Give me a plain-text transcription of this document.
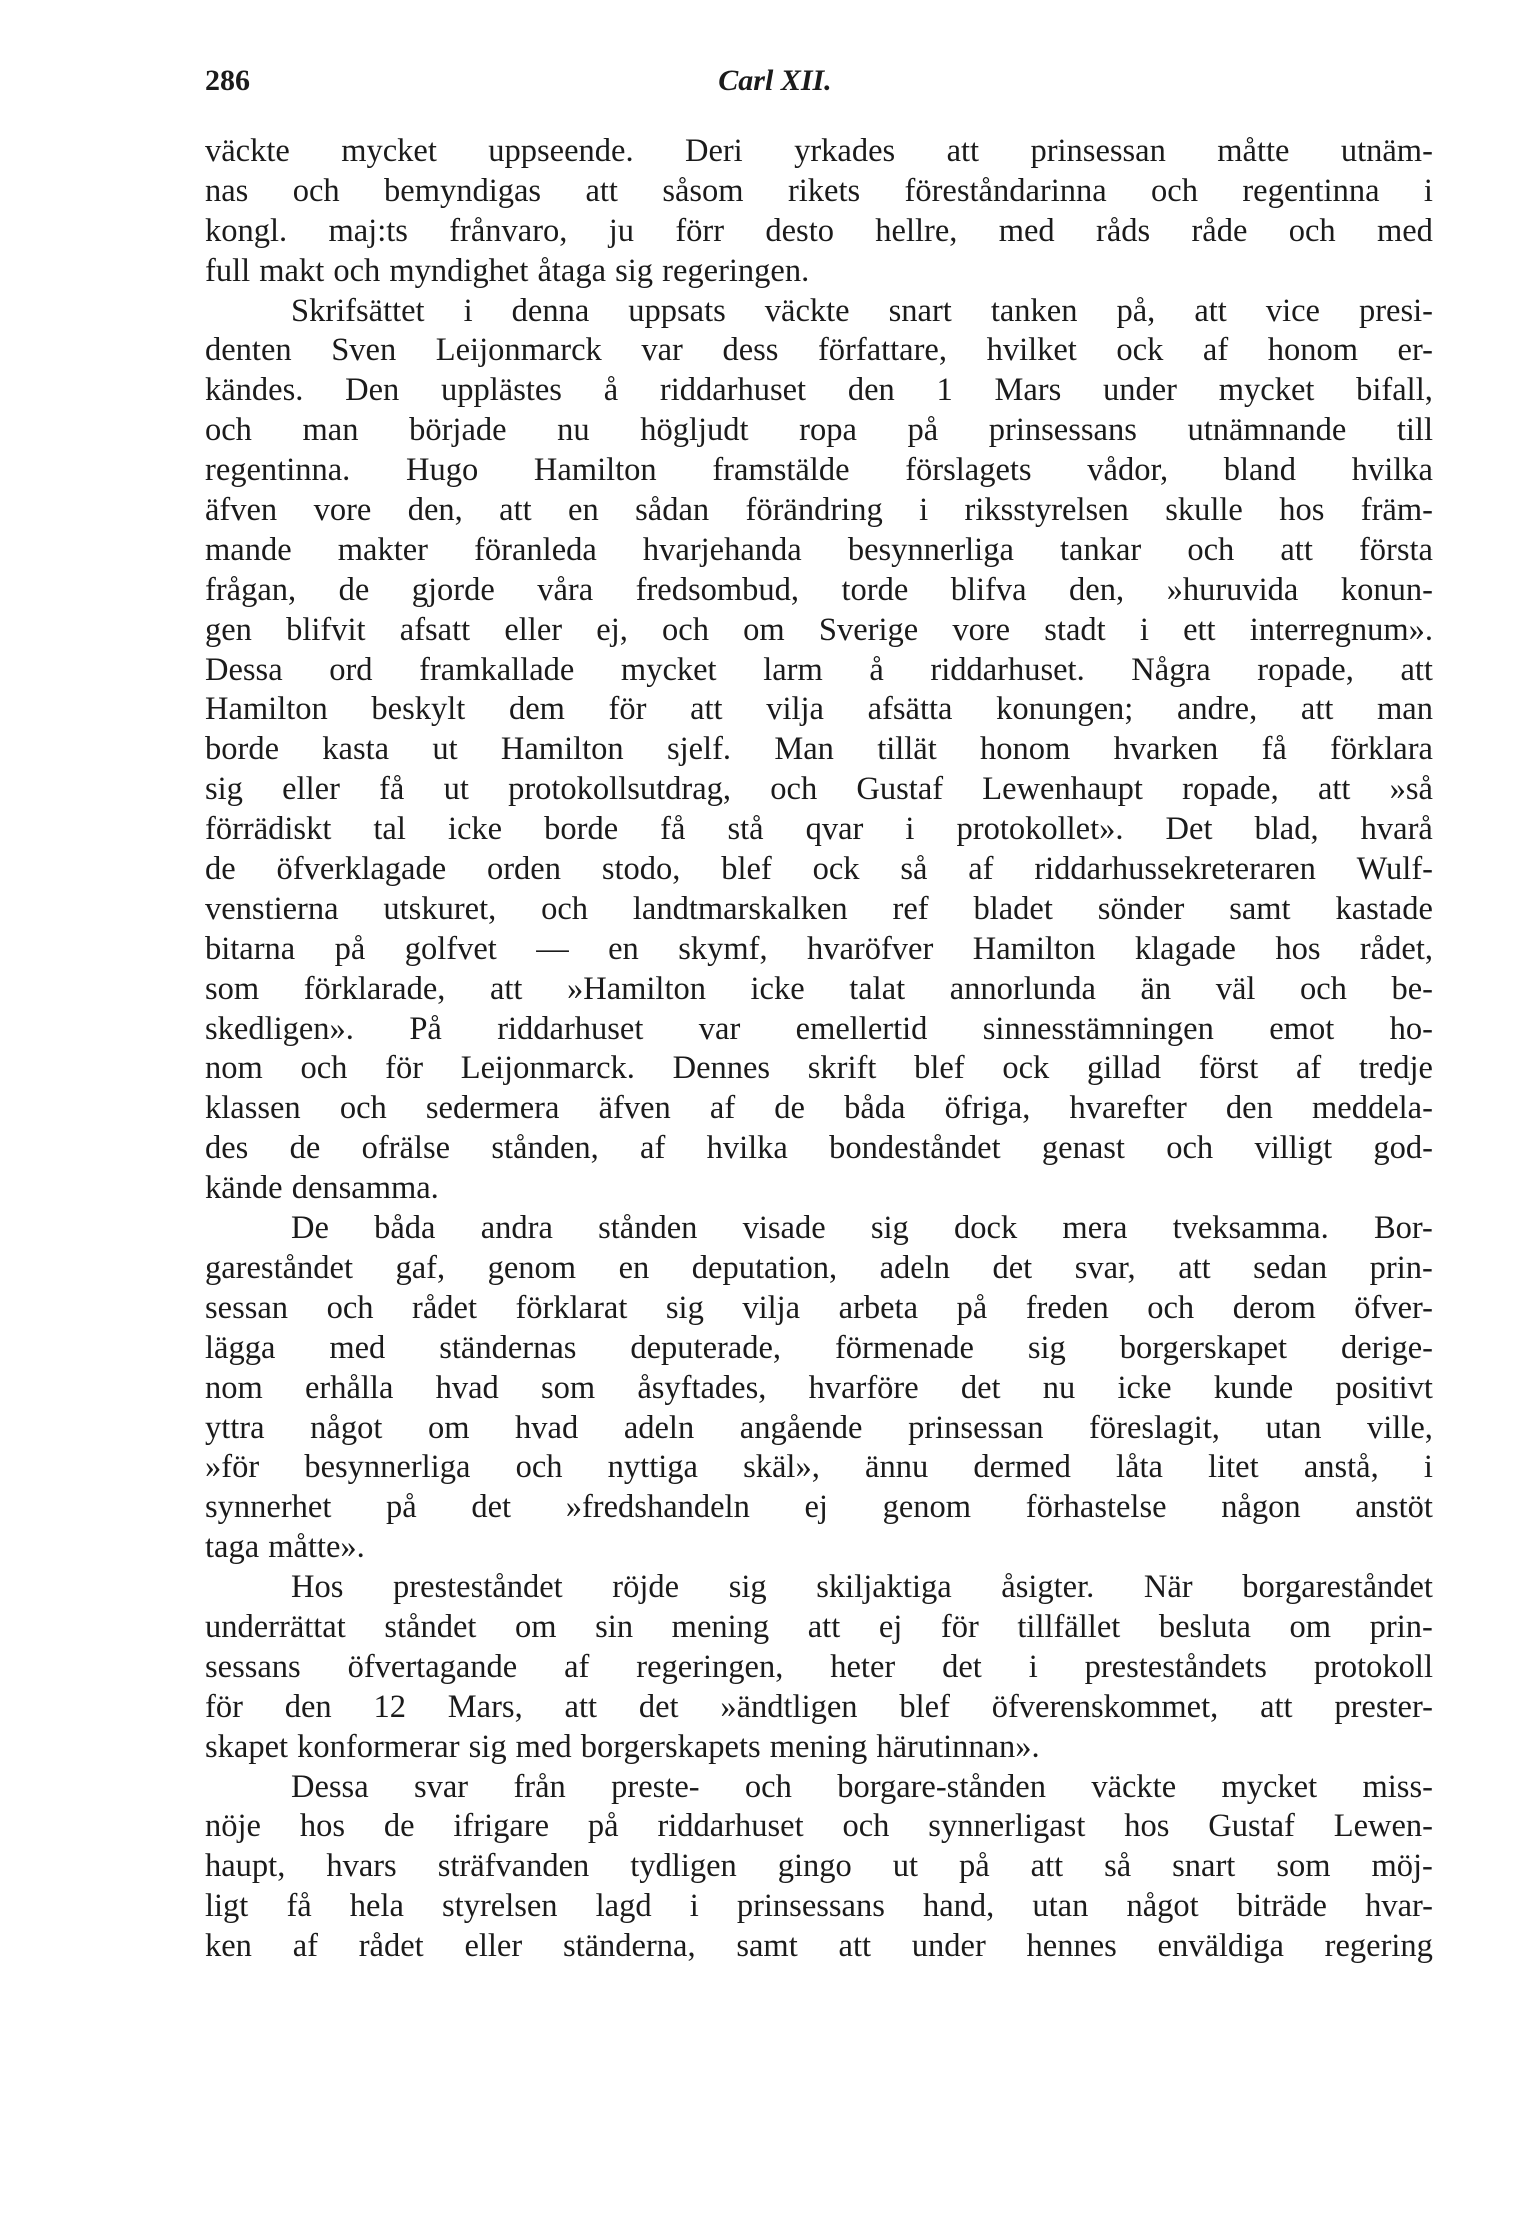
286	Carl XII.
väckte mycket uppseende. Deri yrkades att prinsessan måtte utnäm-
nas och bemyndigas att såsom rikets föreståndarinna och regentinna i
kongl. maj:ts frånvaro, ju förr desto hellre, med råds råde och med
full makt och myndighet åtaga sig regeringen.
Skrifsättet i denna uppsats väckte snart tanken på, att vice presi-
denten Sven Leijonmarck var dess författare, hvilket ock af honom er-
kändes. Den upplästes å riddarhuset den 1 Mars under mycket bifall,
och man började nu högljudt ropa på prinsessans utnämnande till
regentinna. Hugo Hamilton framstälde förslagets vådor, bland hvilka
äfven vore den, att en sådan förändring i riksstyrelsen skulle hos främ-
mande makter föranleda hvarjehanda besynnerliga tankar och att första
frågan, de gjorde våra fredsombud, torde blifva den, »huruvida konun-
gen blifvit afsatt eller ej, och om Sverige vore stadt i ett interregnum».
Dessa ord framkallade mycket larm å riddarhuset. Några ropade, att
Hamilton beskylt dem för att vilja afsätta konungen; andre, att man
borde kasta ut Hamilton sjelf. Man tillät honom hvarken få förklara
sig eller få ut protokollsutdrag, och Gustaf Lewenhaupt ropade, att »så
förrädiskt tal icke borde få stå qvar i protokollet». Det blad, hvarå
de öfverklagade orden stodo, blef ock så af riddarhussekreteraren Wulf-
venstierna utskuret, och landtmarskalken ref bladet sönder samt kastade
bitarna på golfvet — en skymf, hvaröfver Hamilton klagade hos rådet,
som förklarade, att »Hamilton icke talat annorlunda än väl och be-
skedligen». På riddarhuset var emellertid sinnesstämningen emot ho-
nom och för Leijonmarck. Dennes skrift blef ock gillad först af tredje
klassen och sedermera äfven af de båda öfriga, hvarefter den meddela-
des de ofrälse stånden, af hvilka bondeståndet genast och villigt god-
kände densamma.
De båda andra stånden visade sig dock mera tveksamma. Bor-
gareståndet gaf, genom en deputation, adeln det svar, att sedan prin-
sessan och rådet förklarat sig vilja arbeta på freden och derom öfver-
lägga med ständernas deputerade, förmenade sig borgerskapet derige-
nom erhålla hvad som åsyftades, hvarföre det nu icke kunde positivt
yttra något om hvad adeln angående prinsessan föreslagit, utan ville,
»för besynnerliga och nyttiga skäl», ännu dermed låta litet anstå, i
synnerhet på det »fredshandeln ej genom förhastelse någon anstöt
taga måtte».
Hos presteståndet röjde sig skiljaktiga åsigter. När borgareståndet
underrättat ståndet om sin mening att ej för tillfället besluta om prin-
sessans öfvertagande af regeringen, heter det i presteståndets protokoll
för den 12 Mars, att det »ändtligen blef öfverenskommet, att prester-
skapet konformerar sig med borgerskapets mening härutinnan».
Dessa svar från preste- och borgare-stånden väckte mycket miss-
nöje hos de ifrigare på riddarhuset och synnerligast hos Gustaf Lewen-
haupt, hvars sträfvanden tydligen gingo ut på att så snart som möj-
ligt få hela styrelsen lagd i prinsessans hand, utan något biträde hvar-
ken af rådet eller ständerna, samt att under hennes enväldiga regering
